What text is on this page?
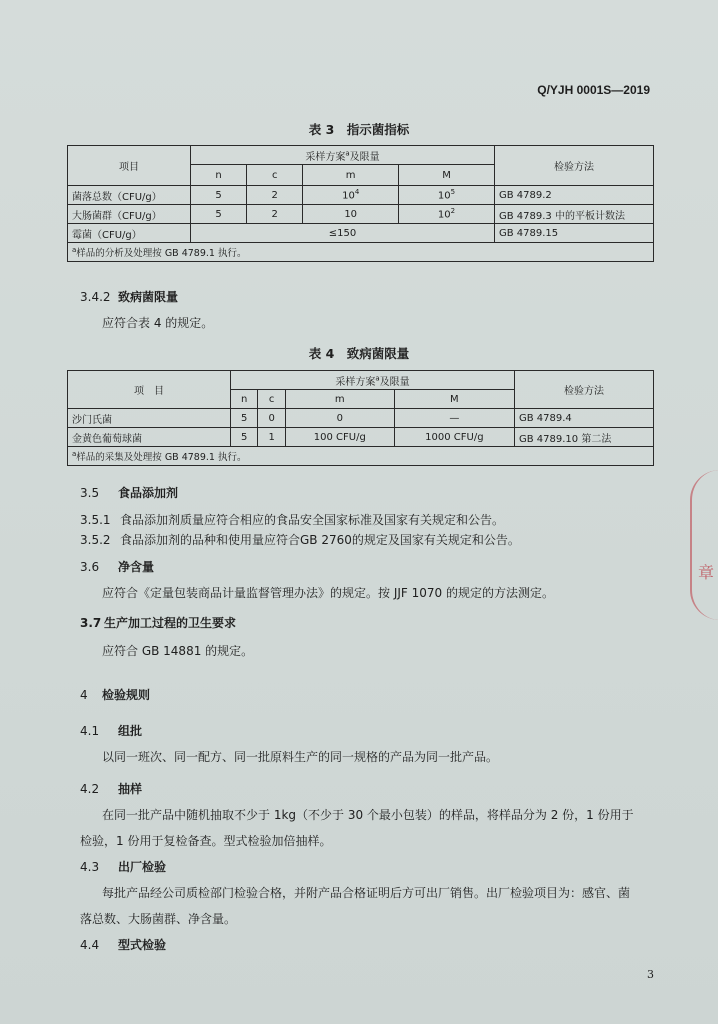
Q/YJH 0001S—2019
表 3　指示菌指标
项目	采样方案$^a$及限量				检验方法
	n	c	m	M	
菌落总数（CFU/g）	5	2	$10^4$	$10^5$	GB 4789.2
大肠菌群（CFU/g）	5	2	10	$10^2$	GB 4789.3 中的平板计数法
霉菌（CFU/g）	≤150				GB 4789.15
$^a$样品的分析及处理按 GB 4789.1 执行。					
3.4.2 致病菌限量
应符合表 4 的规定。
表 4　致病菌限量
项　目	采样方案$^a$及限量				检验方法
	n	c	m	M	
沙门氏菌	5	0	0	—	GB 4789.4
金黄色葡萄球菌	5	1	100 CFU/g	1000 CFU/g	GB 4789.10 第二法
$^a$样品的采集及处理按 GB 4789.1 执行。					
3.5 食品添加剂
3.5.1 食品添加剂质量应符合相应的食品安全国家标准及国家有关规定和公告。
3.5.2 食品添加剂的品种和使用量应符合GB 2760的规定及国家有关规定和公告。
3.6 净含量
应符合《定量包装商品计量监督管理办法》的规定。按 JJF 1070 的规定的方法测定。
3.7 生产加工过程的卫生要求
应符合 GB 14881 的规定。
4 检验规则
4.1 组批
以同一班次、同一配方、同一批原料生产的同一规格的产品为同一批产品。
4.2 抽样
在同一批产品中随机抽取不少于 1kg（不少于 30 个最小包装）的样品，将样品分为 2 份，1 份用于检验，1 份用于复检备查。型式检验加倍抽样。
4.3 出厂检验
每批产品经公司质检部门检验合格，并附产品合格证明后方可出厂销售。出厂检验项目为：感官、菌落总数、大肠菌群、净含量。
4.4 型式检验
3
章
